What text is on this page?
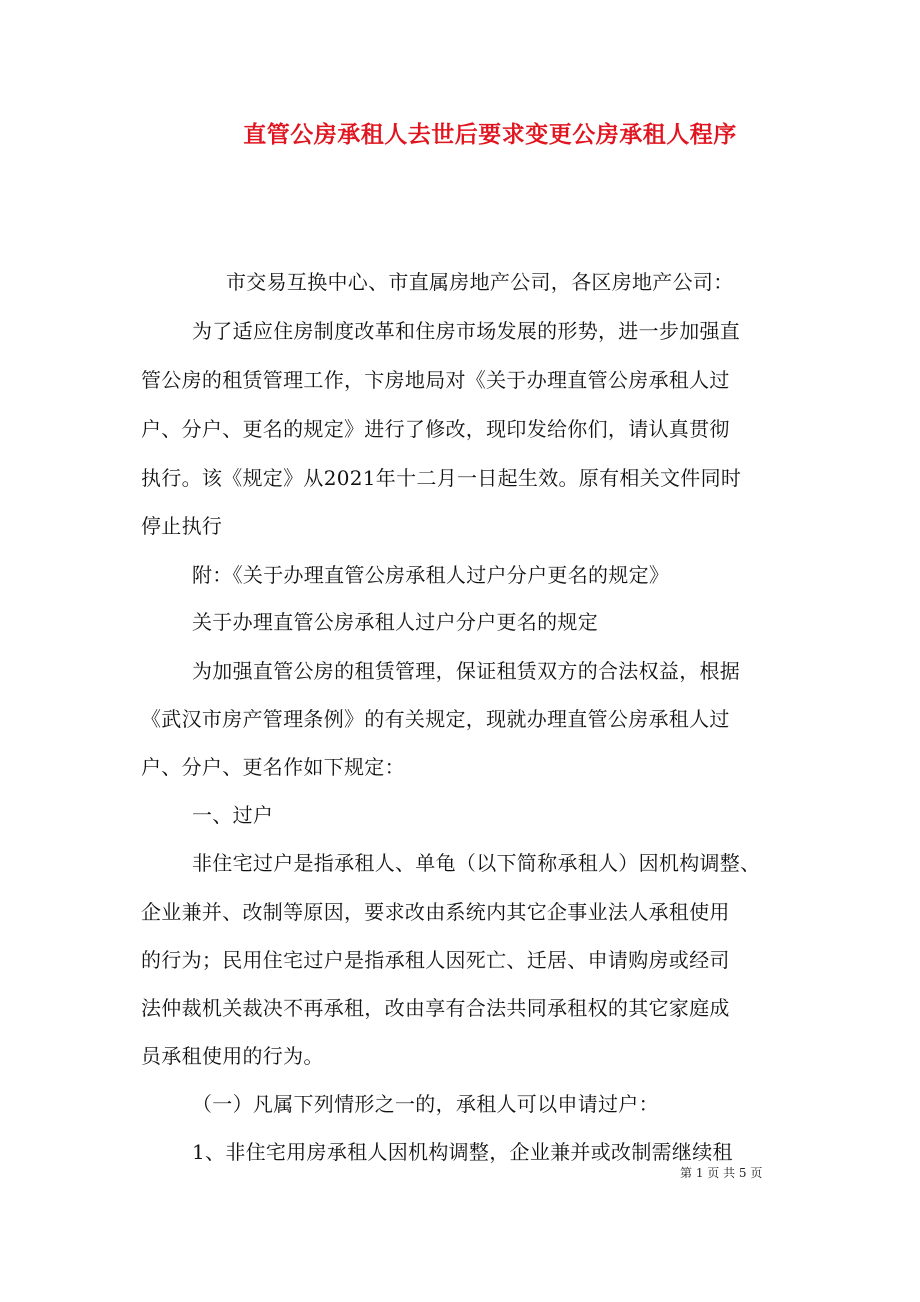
直管公房承租人去世后要求变更公房承租人程序
市交易互换中心、市直属房地产公司，各区房地产公司：
为了适应住房制度改革和住房市场发展的形势，进一步加强直
管公房的租赁管理工作，卞房地局对《关于办理直管公房承租人过
户、分户、更名的规定》进行了修改，现印发给你们，请认真贯彻
执行。该《规定》从2021年十二月一日起生效。原有相关文件同时
停止执行
附：《关于办理直管公房承租人过户分户更名的规定》
关于办理直管公房承租人过户分户更名的规定
为加强直管公房的租赁管理，保证租赁双方的合法权益，根据
《武汉市房产管理条例》的有关规定，现就办理直管公房承租人过
户、分户、更名作如下规定：
一、过户
非住宅过户是指承租人、单龟（以下简称承租人）因机构调整、
企业兼并、改制等原因，要求改由系统内其它企事业法人承租使用
的行为；民用住宅过户是指承租人因死亡、迁居、申请购房或经司
法仲裁机关裁决不再承租，改由享有合法共同承租权的其它家庭成
员承租使用的行为。
（一）凡属下列情形之一的，承租人可以申请过户：
1、非住宅用房承租人因机构调整，企业兼并或改制需继续租
第 1 页 共 5 页
